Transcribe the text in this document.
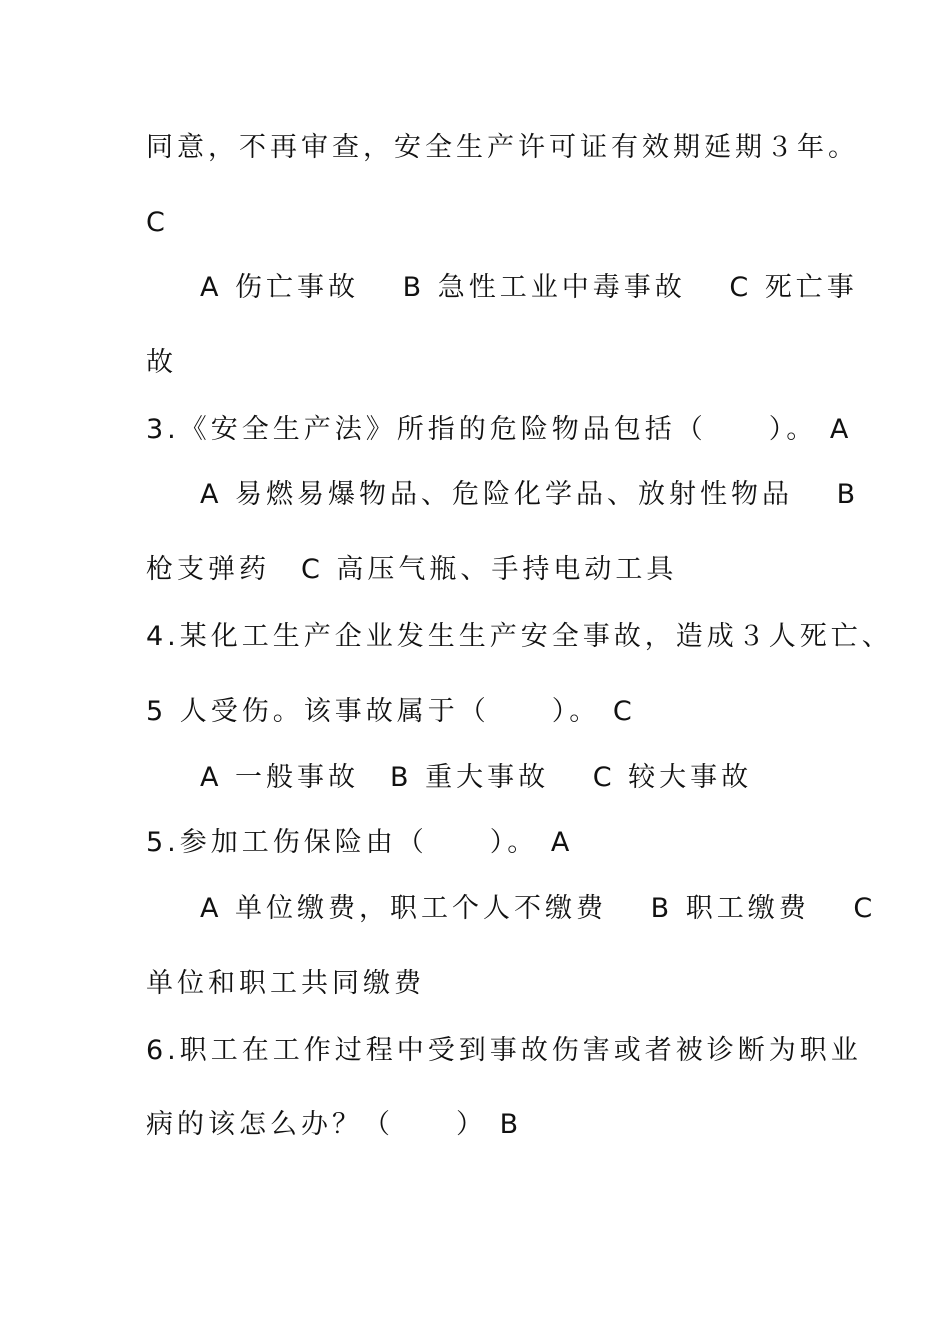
同意，不再审查，安全生产许可证有效期延期３年。

C

A 伤亡事故　 B 急性工业中毒事故　 C 死亡事

故

3.《安全生产法》所指的危险物品包括（　　）。 A

A 易燃易爆物品、危险化学品、放射性物品　 B

枪支弹药　C 高压气瓶、手持电动工具

4.某化工生产企业发生生产安全事故，造成３人死亡、

5 人受伤。该事故属于（　　）。 C

A 一般事故　B 重大事故　 C 较大事故

5.参加工伤保险由（　　）。 A

A 单位缴费，职工个人不缴费　 B 职工缴费　 C

单位和职工共同缴费

6.职工在工作过程中受到事故伤害或者被诊断为职业

病的该怎么办？（　　） B
